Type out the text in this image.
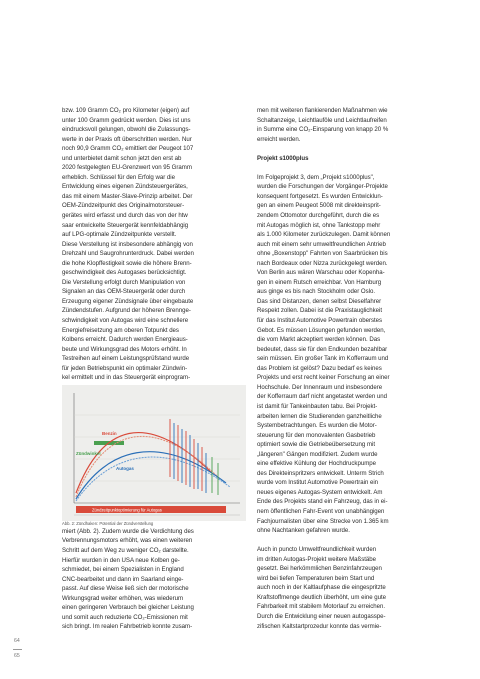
bzw. 109 Gramm CO₂ pro Kilometer (eigen) auf

unter 100 Gramm gedrückt werden. Dies ist uns

eindrucksvoll gelungen, obwohl die Zulassungs-

werte in der Praxis oft überschritten werden. Nur

noch 90,9 Gramm CO₂ emittiert der Peugeot 107

und unterbietet damit schon jetzt den erst ab

2020 festgelegten EU-Grenzwert von 95 Gramm

erheblich. Schlüssel für den Erfolg war die

Entwicklung eines eigenen Zündsteuergerätes,

das mit einem Master-Slave-Prinzip arbeitet. Der

OEM-Zündzeitpunkt des Originalmotorsteuer-

gerätes wird erfasst und durch das von der htw

saar entwickelte Steuergerät kennfeldabhängig

auf LPG-optimale Zündzeitpunkte verstellt.

Diese Verstellung ist insbesondere abhängig von

Drehzahl und Saugrohrunterdruck. Dabei werden

die hohe Klopffestigkeit sowie die höhere Brenn-

geschwindigkeit des Autogases berücksichtigt.

Die Verstellung erfolgt durch Manipulation von

Signalen an das OEM-Steuergerät oder durch

Erzeugung eigener Zündsignale über eingebaute

Zündendstufen. Aufgrund der höheren Brenngе-

schwindigkeit von Autogas wird eine schnellere

Energiefreisetzung am oberen Totpunkt des

Kolbens erreicht. Dadurch werden Energieaus-

beute und Wirkungsgrad des Motors erhöht. In

Testreihen auf einem Leistungsprüfstand wurde

für jeden Betriebspunkt ein optimaler Zündwin-

kel ermittelt und in das Steuergerät einprogram-

Benzin
Zündwinkel
Autogas
Zündzeitpunktoptimierung für Autogas

Abb. 2: Zündhaken: Potential der Zündverstellung

miert (Abb. 2). Zudem wurde die Verdichtung des

Verbrennungsmotors erhöht, was einen weiteren

Schritt auf dem Weg zu weniger CO₂ darstellte.

Hierfür wurden in den USA neue Kolben ge-

schmiedet, bei einem Spezialisten in England

CNC-bearbeitet und dann im Saarland einge-

passt. Auf diese Weise ließ sich der motorische

Wirkungsgrad weiter erhöhen, was wiederum

einen geringeren Verbrauch bei gleicher Leistung

und somit auch reduzierte CO₂-Emissionen mit

sich bringt. Im realen Fahrbetrieb konnte zusam-

men mit weiteren flankierenden Maßnahmen wie

Schaltanzeige, Leichtlauföle und Leichtlaufreifen

in Summe eine CO₂-Einsparung von knapp 20 %

erreicht werden.

Projekt s1000plus

Im Folgeprojekt 3, dem „Projekt s1000plus",

wurden die Forschungen der Vorgänger-Projekte

konsequent fortgesetzt. Es wurden Entwicklun-

gen an einem Peugeot 5008 mit direkteinsprit-

zendem Ottomotor durchgeführt, durch die es

mit Autogas möglich ist, ohne Tankstopp mehr

als 1.000 Kilometer zurückzulegen. Damit können

auch mit einem sehr umweltfreundlichen Antrieb

ohne „Boxenstopp" Fahrten von Saarbrücken bis

nach Bordeaux oder Nizza zurückgelegt werden.

Von Berlin aus wären Warschau oder Kopenha-

gen in einem Rutsch erreichbar. Von Hamburg

aus ginge es bis nach Stockholm oder Oslo.

Das sind Distanzen, denen selbst Dieselfahrer

Respekt zollen. Dabei ist die Praxistauglichkeit

für das Institut Automotive Powertrain oberstes

Gebot. Es müssen Lösungen gefunden werden,

die vom Markt akzeptiert werden können. Das

bedeutet, dass sie für den Endkunden bezahlbar

sein müssen. Ein großer Tank im Kofferraum und

das Problem ist gelöst? Dazu bedarf es keines

Projekts und erst recht keiner Forschung an einer

Hochschule. Der Innenraum und insbesondere

der Kofferraum darf nicht angetastet werden und

ist damit für Tankeinbauten tabu. Bei Projekt-

arbeiten lernen die Studierenden ganzheitliche

Systembetrachtungen. Es wurden die Motor-

steuerung für den monovalenten Gasbetrieb

optimiert sowie die Getriebeübersetzung mit

„längeren" Gängen modifiziert. Zudem wurde

eine effektive Kühlung der Hochdruckpumpe

des Direkteinspritzers entwickelt. Unterm Strich

wurde vom Institut Automotive Powertrain ein

neues eigenes Autogas-System entwickelt. Am

Ende des Projekts stand ein Fahrzeug, das in ei-

nem öffentlichen Fahr-Event von unabhängigen

Fachjournalisten über eine Strecke von 1.365 km

ohne Nachtanken gefahren wurde.

Auch in puncto Umweltfreundlichkeit wurden

im dritten Autogas-Projekt weitere Maßstäbe

gesetzt. Bei herkömmlichen Benzinfahrzeugen

wird bei tiefen Temperaturen beim Start und

auch noch in der Kaltlaufphase die eingespritzte

Kraftstoffmenge deutlich überhöht, um eine gute

Fahrbarkeit mit stabilem Motorlauf zu erreichen.

Durch die Entwicklung einer neuen autogasspe-

zifischen Kaltstartprozedur konnte das vermie-

64
65
